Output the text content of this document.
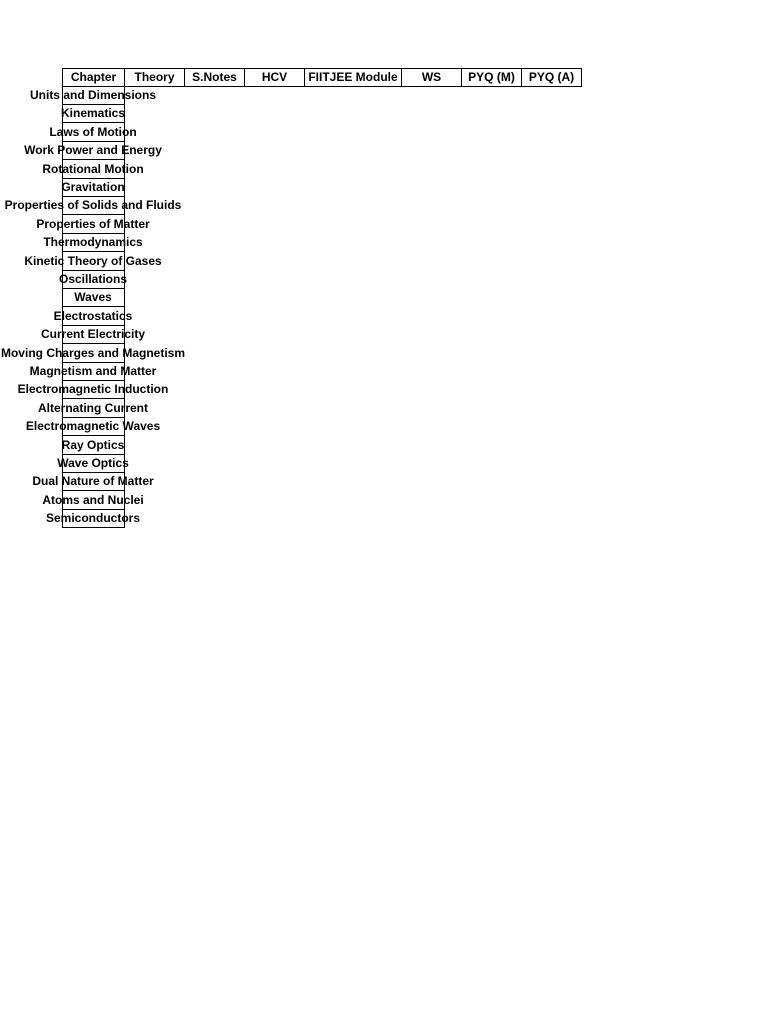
Chapter	Theory	S.Notes	HCV	FIITJEE Module	WS	PYQ (M)	PYQ (A)
Units and Dimensions
Kinematics
Laws of Motion
Work Power and Energy
Rotational Motion
Gravitation
Properties of Solids and Fluids
Properties of Matter
Thermodynamics
Kinetic Theory of Gases
Oscillations
Waves
Electrostatics
Current Electricity
Moving Charges and Magnetism
Magnetism and Matter
Electromagnetic Induction
Alternating Current
Electromagnetic Waves
Ray Optics
Wave Optics
Dual Nature of Matter
Atoms and Nuclei
Semiconductors
